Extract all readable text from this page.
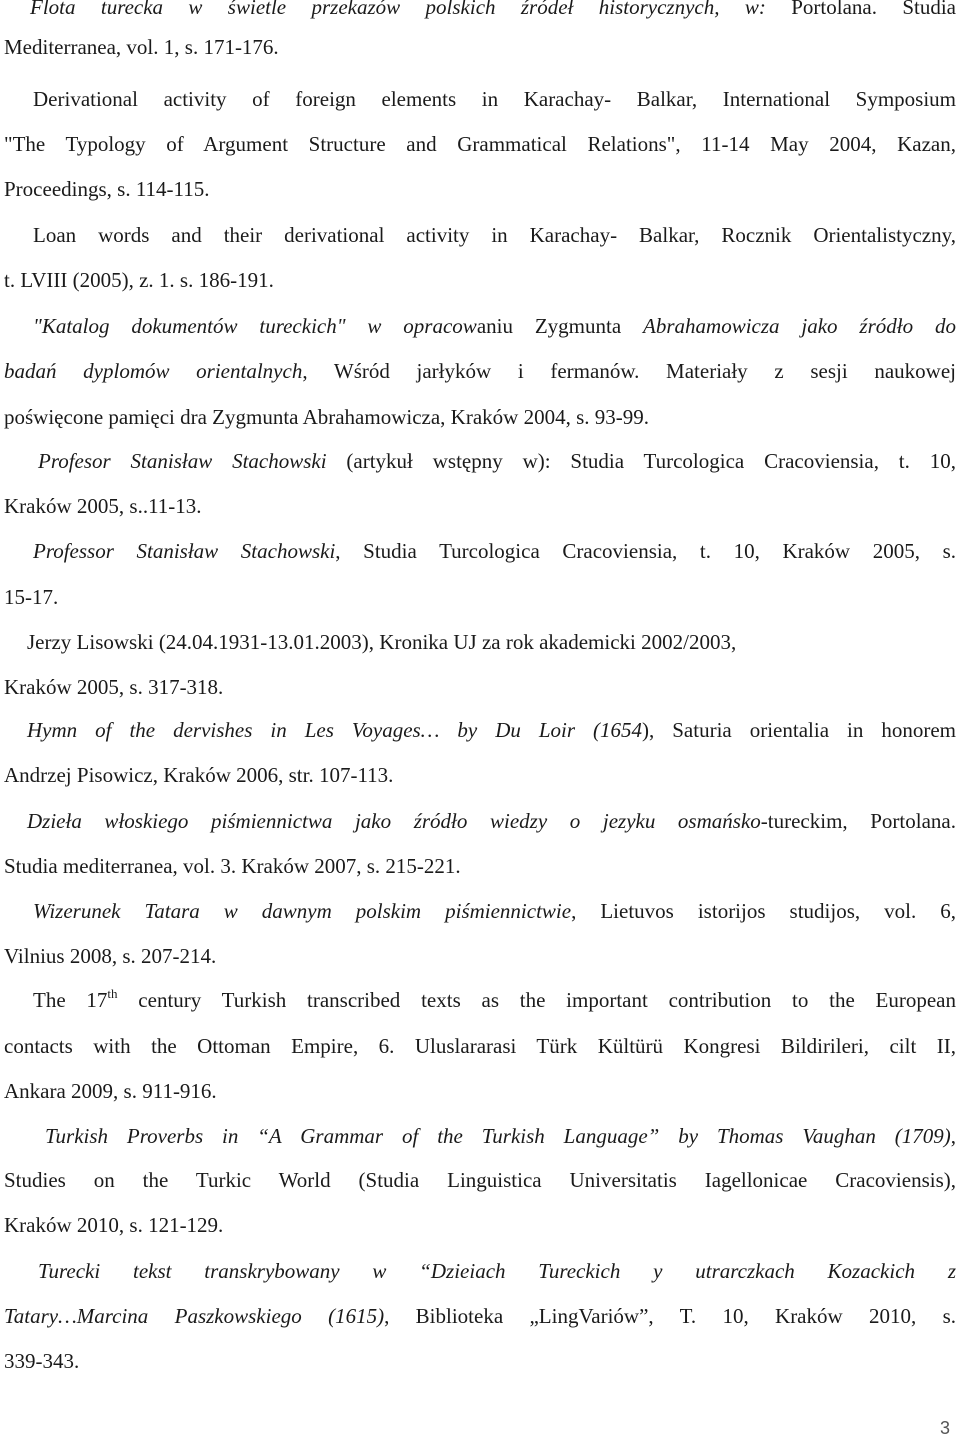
Flota turecka w świetle przekazów polskich źródeł historycznych, w: Portolana. Studia
Mediterranea, vol. 1, s. 171-176.
Derivational activity of foreign elements in Karachay- Balkar, International Symposium
"The Typology of Argument Structure and Grammatical Relations", 11-14 May 2004, Kazan,
Proceedings, s. 114-115.
Loan words and their derivational activity in Karachay- Balkar, Rocznik Orientalistyczny,
t. LVIII (2005), z. 1. s. 186-191.
"Katalog dokumentów tureckich" w opracowaniu Zygmunta Abrahamowicza jako źródło do
badań dyplomów orientalnych, Wśród jarłyków i fermanów. Materiały z sesji naukowej
poświęcone pamięci dra Zygmunta Abrahamowicza, Kraków 2004, s. 93-99.
Profesor Stanisław Stachowski (artykuł wstępny w): Studia Turcologica Cracoviensia, t. 10,
Kraków 2005, s..11-13.
Professor Stanisław Stachowski, Studia Turcologica Cracoviensia, t. 10, Kraków 2005, s.
15-17.
Jerzy Lisowski (24.04.1931-13.01.2003), Kronika UJ za rok akademicki 2002/2003,
Kraków 2005, s. 317-318.
Hymn of the dervishes in Les Voyages… by Du Loir (1654), Saturia orientalia in honorem
Andrzej Pisowicz, Kraków 2006, str. 107-113.
Dzieła włoskiego piśmiennictwa jako źródło wiedzy o jezyku osmańsko-tureckim, Portolana.
Studia mediterranea, vol. 3. Kraków 2007, s. 215-221.
Wizerunek Tatara w dawnym polskim piśmiennictwie, Lietuvos istorijos studijos, vol. 6,
Vilnius 2008, s. 207-214.
The 17th century Turkish transcribed texts as the important contribution to the European
contacts with the Ottoman Empire, 6. Uluslararasi Türk Kültürü Kongresi Bildirileri, cilt II,
Ankara 2009, s. 911-916.
Turkish Proverbs in “A Grammar of the Turkish Language” by Thomas Vaughan (1709),
Studies on the Turkic World (Studia Linguistica Universitatis Iagellonicae Cracoviensis),
Kraków 2010, s. 121-129.
Turecki tekst transkrybowany w “Dzieiach Tureckich y utrarczkach Kozackich z
Tatary…Marcina Paszkowskiego (1615), Biblioteka „LingVariów”, T. 10, Kraków 2010, s.
339-343.
3
